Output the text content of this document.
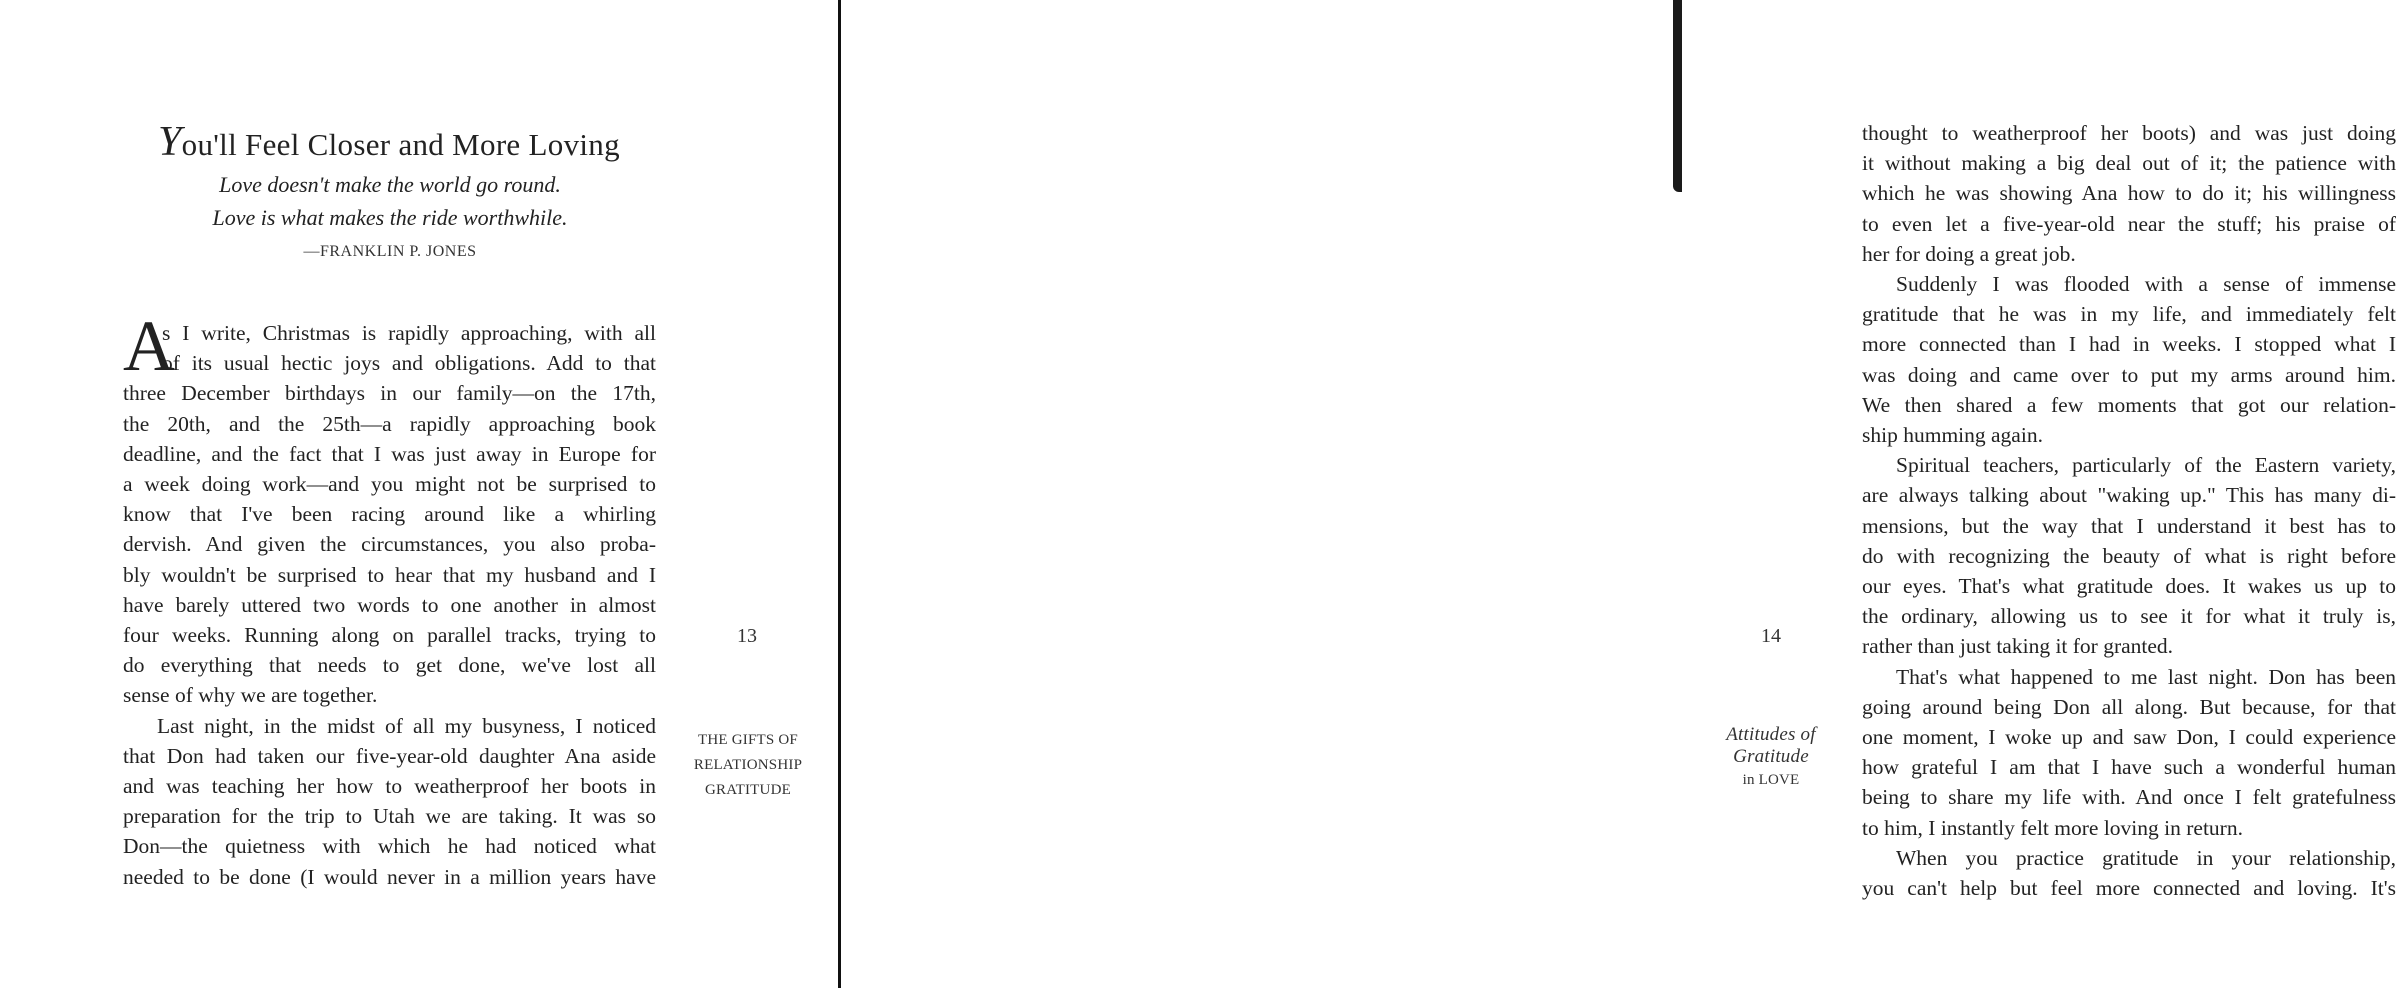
You'll Feel Closer and More Loving
Love doesn't make the world go round.
Love is what makes the ride worthwhile.
—FRANKLIN P. JONES
A
s I write, Christmas is rapidly approaching, with all
of its usual hectic joys and obligations. Add to that
three December birthdays in our family—on the 17th,
the 20th, and the 25th—a rapidly approaching book
deadline, and the fact that I was just away in Europe for
a week doing work—and you might not be surprised to
know that I've been racing around like a whirling
dervish. And given the circumstances, you also proba-
bly wouldn't be surprised to hear that my husband and I
have barely uttered two words to one another in almost
four weeks. Running along on parallel tracks, trying to
do everything that needs to get done, we've lost all
sense of why we are together.
Last night, in the midst of all my busyness, I noticed
that Don had taken our five-year-old daughter Ana aside
and was teaching her how to weatherproof her boots in
preparation for the trip to Utah we are taking. It was so
Don—the quietness with which he had noticed what
needed to be done (I would never in a million years have
13
THE GIFTS OF
RELATIONSHIP
GRATITUDE
14
Attitudes of
Gratitude
in LOVE
thought to weatherproof her boots) and was just doing
it without making a big deal out of it; the patience with
which he was showing Ana how to do it; his willingness
to even let a five-year-old near the stuff; his praise of
her for doing a great job.
Suddenly I was flooded with a sense of immense
gratitude that he was in my life, and immediately felt
more connected than I had in weeks. I stopped what I
was doing and came over to put my arms around him.
We then shared a few moments that got our relation-
ship humming again.
Spiritual teachers, particularly of the Eastern variety,
are always talking about "waking up." This has many di-
mensions, but the way that I understand it best has to
do with recognizing the beauty of what is right before
our eyes. That's what gratitude does. It wakes us up to
the ordinary, allowing us to see it for what it truly is,
rather than just taking it for granted.
That's what happened to me last night. Don has been
going around being Don all along. But because, for that
one moment, I woke up and saw Don, I could experience
how grateful I am that I have such a wonderful human
being to share my life with. And once I felt gratefulness
to him, I instantly felt more loving in return.
When you practice gratitude in your relationship,
you can't help but feel more connected and loving. It's
